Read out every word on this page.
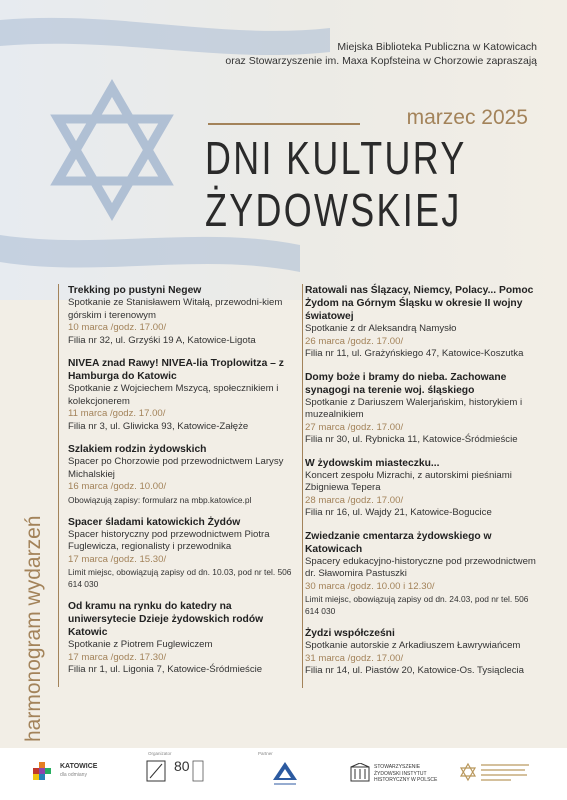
Miejska Biblioteka Publiczna w Katowicach
oraz Stowarzyszenie im. Maxa Kopfsteina w Chorzowie zapraszają
marzec 2025
DNI KULTURY
ŻYDOWSKIEJ
harmonogram wydarzeń
Trekking po pustyni Negew
Spotkanie ze Stanisławem Witałą, przewodni-kiem górskim i terenowym
10 marca /godz. 17.00/
Filia nr 32, ul. Grzyśki 19 A, Katowice-Ligota
NIVEA znad Rawy! NIVEA-lia Troplowitza – z Hamburga do Katowic
Spotkanie z Wojciechem Mszycą, społecznikiem i kolekcjonerem
11 marca /godz. 17.00/
Filia nr 3, ul. Gliwicka 93, Katowice-Załęże
Szlakiem rodzin żydowskich
Spacer po Chorzowie pod przewodnictwem Larysy Michalskiej
16 marca /godz. 10.00/
Obowiązują zapisy: formularz na mbp.katowice.pl
Spacer śladami katowickich Żydów
Spacer historyczny pod przewodnictwem Piotra Fuglewicza, regionalisty i przewodnika
17 marca /godz. 15.30/
Limit miejsc, obowiązują zapisy od dn. 10.03, pod nr tel. 506 614 030
Od kramu na rynku do katedry na uniwersytecie Dzieje żydowskich rodów Katowic
Spotkanie z Piotrem Fuglewiczem
17 marca /godz. 17.30/
Filia nr 1, ul. Ligonia 7, Katowice-Śródmieście
Ratowali nas Ślązacy, Niemcy, Polacy... Pomoc Żydom na Górnym Śląsku w okresie II wojny światowej
Spotkanie z dr Aleksandrą Namysło
26 marca /godz. 17.00/
Filia nr 11, ul. Grażyńskiego 47, Katowice-Koszutka
Domy boże i bramy do nieba. Zachowane synagogi na terenie woj. śląskiego
Spotkanie z Dariuszem Walerjańskim, historykiem i muzealnikiem
27 marca /godz. 17.00/
Filia nr 30, ul. Rybnicka 11, Katowice-Śródmieście
W żydowskim miasteczku...
Koncert zespołu Mizrachi, z autorskimi pieśniami Zbigniewa Tepera
28 marca /godz. 17.00/
Filia nr 16, ul. Wajdy 21, Katowice-Bogucice
Zwiedzanie cmentarza żydowskiego w Katowicach
Spacery edukacyjno-historyczne pod przewodnictwem dr. Sławomira Pastuszki
30 marca /godz. 10.00 i 12.30/
Limit miejsc, obowiązują zapisy od dn. 24.03, pod nr tel. 506 614 030
Żydzi współcześni
Spotkanie autorskie z Arkadiuszem Ławrywiańcem
31 marca /godz. 17.00/
Filia nr 14, ul. Piastów 20, Katowice-Os. Tysiąclecia
KATOWICE
dla odmiany
Organizator
80
Partner
STOWARZYSZENIE
ŻYDOWSKI INSTYTUT
HISTORYCZNY W POLSCE
